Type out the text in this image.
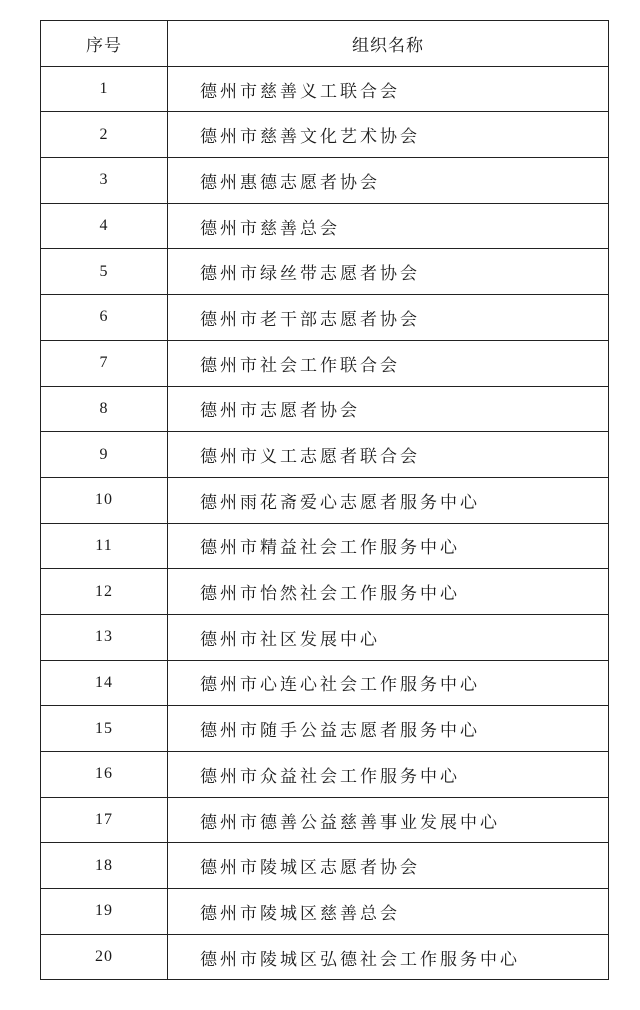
序号	组织名称
1	德州市慈善义工联合会
2	德州市慈善文化艺术协会
3	德州惠德志愿者协会
4	德州市慈善总会
5	德州市绿丝带志愿者协会
6	德州市老干部志愿者协会
7	德州市社会工作联合会
8	德州市志愿者协会
9	德州市义工志愿者联合会
10	德州雨花斋爱心志愿者服务中心
11	德州市精益社会工作服务中心
12	德州市怡然社会工作服务中心
13	德州市社区发展中心
14	德州市心连心社会工作服务中心
15	德州市随手公益志愿者服务中心
16	德州市众益社会工作服务中心
17	德州市德善公益慈善事业发展中心
18	德州市陵城区志愿者协会
19	德州市陵城区慈善总会
20	德州市陵城区弘德社会工作服务中心
